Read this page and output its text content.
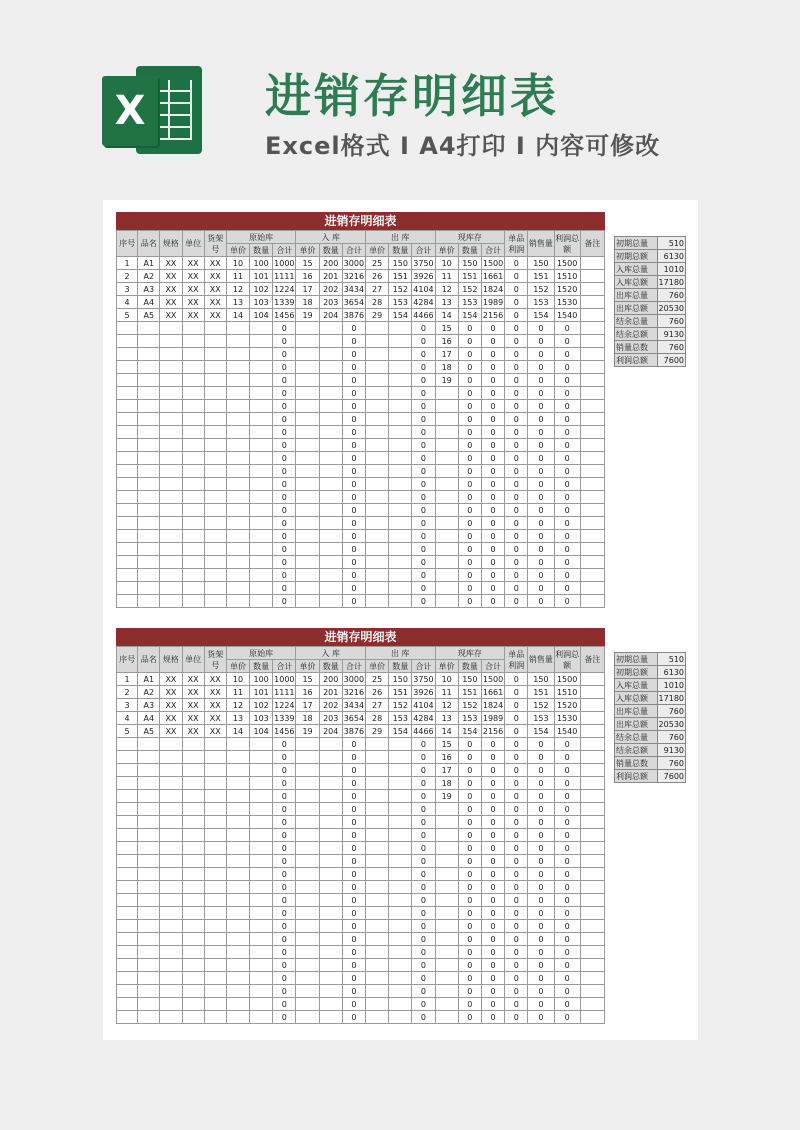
X	进销存明细表
Excel格式 I A4打印 I 内容可修改
进销存明细表
序号	品名	规格	单位	货架号	原始库			入 库			出 库			现库存			单品利润	销售量	利润总额	备注
					单价	数量	合计	单价	数量	合计	单价	数量	合计	单价	数量	合计				
1	A1	XX	XX	XX	10	100	1000	15	200	3000	25	150	3750	10	150	1500	0	150	1500	
2	A2	XX	XX	XX	11	101	1111	16	201	3216	26	151	3926	11	151	1661	0	151	1510	
3	A3	XX	XX	XX	12	102	1224	17	202	3434	27	152	4104	12	152	1824	0	152	1520	
4	A4	XX	XX	XX	13	103	1339	18	203	3654	28	153	4284	13	153	1989	0	153	1530	
5	A5	XX	XX	XX	14	104	1456	19	204	3876	29	154	4466	14	154	2156	0	154	1540	
							0			0			0	15	0	0	0	0	0	
							0			0			0	16	0	0	0	0	0	
							0			0			0	17	0	0	0	0	0	
							0			0			0	18	0	0	0	0	0	
							0			0			0	19	0	0	0	0	0	
							0			0			0		0	0	0	0	0	
							0			0			0		0	0	0	0	0	
							0			0			0		0	0	0	0	0	
							0			0			0		0	0	0	0	0	
							0			0			0		0	0	0	0	0	
							0			0			0		0	0	0	0	0	
							0			0			0		0	0	0	0	0	
							0			0			0		0	0	0	0	0	
							0			0			0		0	0	0	0	0	
							0			0			0		0	0	0	0	0	
							0			0			0		0	0	0	0	0	
							0			0			0		0	0	0	0	0	
							0			0			0		0	0	0	0	0	
							0			0			0		0	0	0	0	0	
							0			0			0		0	0	0	0	0	
							0			0			0		0	0	0	0	0	
							0			0			0		0	0	0	0	0	
初期总量	510
初期总额	6130
入库总量	1010
入库总额	17180
出库总量	760
出库总额	20530
结余总量	760
结余总额	9130
销量总数	760
利润总额	7600
进销存明细表
序号	品名	规格	单位	货架号	原始库			入 库			出 库			现库存			单品利润	销售量	利润总额	备注
					单价	数量	合计	单价	数量	合计	单价	数量	合计	单价	数量	合计				
1	A1	XX	XX	XX	10	100	1000	15	200	3000	25	150	3750	10	150	1500	0	150	1500	
2	A2	XX	XX	XX	11	101	1111	16	201	3216	26	151	3926	11	151	1661	0	151	1510	
3	A3	XX	XX	XX	12	102	1224	17	202	3434	27	152	4104	12	152	1824	0	152	1520	
4	A4	XX	XX	XX	13	103	1339	18	203	3654	28	153	4284	13	153	1989	0	153	1530	
5	A5	XX	XX	XX	14	104	1456	19	204	3876	29	154	4466	14	154	2156	0	154	1540	
							0			0			0	15	0	0	0	0	0	
							0			0			0	16	0	0	0	0	0	
							0			0			0	17	0	0	0	0	0	
							0			0			0	18	0	0	0	0	0	
							0			0			0	19	0	0	0	0	0	
							0			0			0		0	0	0	0	0	
							0			0			0		0	0	0	0	0	
							0			0			0		0	0	0	0	0	
							0			0			0		0	0	0	0	0	
							0			0			0		0	0	0	0	0	
							0			0			0		0	0	0	0	0	
							0			0			0		0	0	0	0	0	
							0			0			0		0	0	0	0	0	
							0			0			0		0	0	0	0	0	
							0			0			0		0	0	0	0	0	
							0			0			0		0	0	0	0	0	
							0			0			0		0	0	0	0	0	
							0			0			0		0	0	0	0	0	
							0			0			0		0	0	0	0	0	
							0			0			0		0	0	0	0	0	
							0			0			0		0	0	0	0	0	
							0			0			0		0	0	0	0	0	
初期总量	510
初期总额	6130
入库总量	1010
入库总额	17180
出库总量	760
出库总额	20530
结余总量	760
结余总额	9130
销量总数	760
利润总额	7600
